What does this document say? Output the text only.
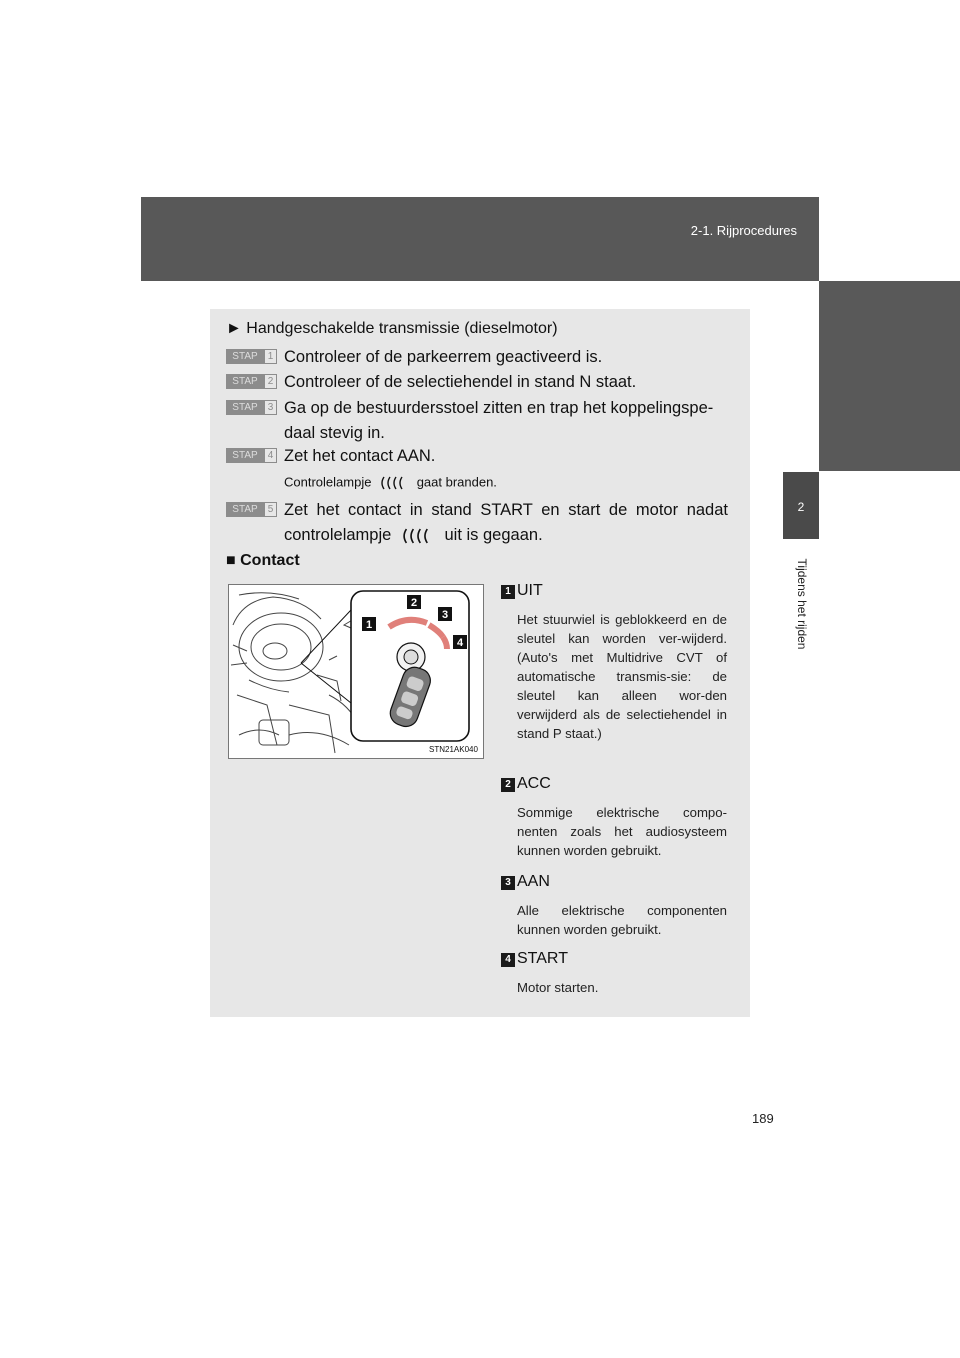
2-1. Rijprocedures
2
Tijdens het rijden
► Handgeschakelde transmissie (dieselmotor)
STAP	1 Controleer of de parkeerrem geactiveerd is.
STAP	2 Controleer of de selectiehendel in stand N staat.
STAP	3 Ga op de bestuurdersstoel zitten en trap het koppelingspe-daal stevig in.
STAP	4 Zet het contact AAN.
Controlelampje	gaat branden.
STAP	5 Zet het contact in stand START en start de motor nadat controlelampje	uit is gegaan.
■ Contact
1
2
3
4
STN21AK040
1 UIT
Het stuurwiel is geblokkeerd en de sleutel kan worden ver-wijderd. (Auto's met Multidrive CVT of automatische transmis-sie: de sleutel kan alleen wor-den verwijderd als de selectiehendel in stand P staat.)
2 ACC
Sommige elektrische compo-nenten zoals het audiosysteem kunnen worden gebruikt.
3 AAN
Alle elektrische componenten kunnen worden gebruikt.
4 START
Motor starten.
189
